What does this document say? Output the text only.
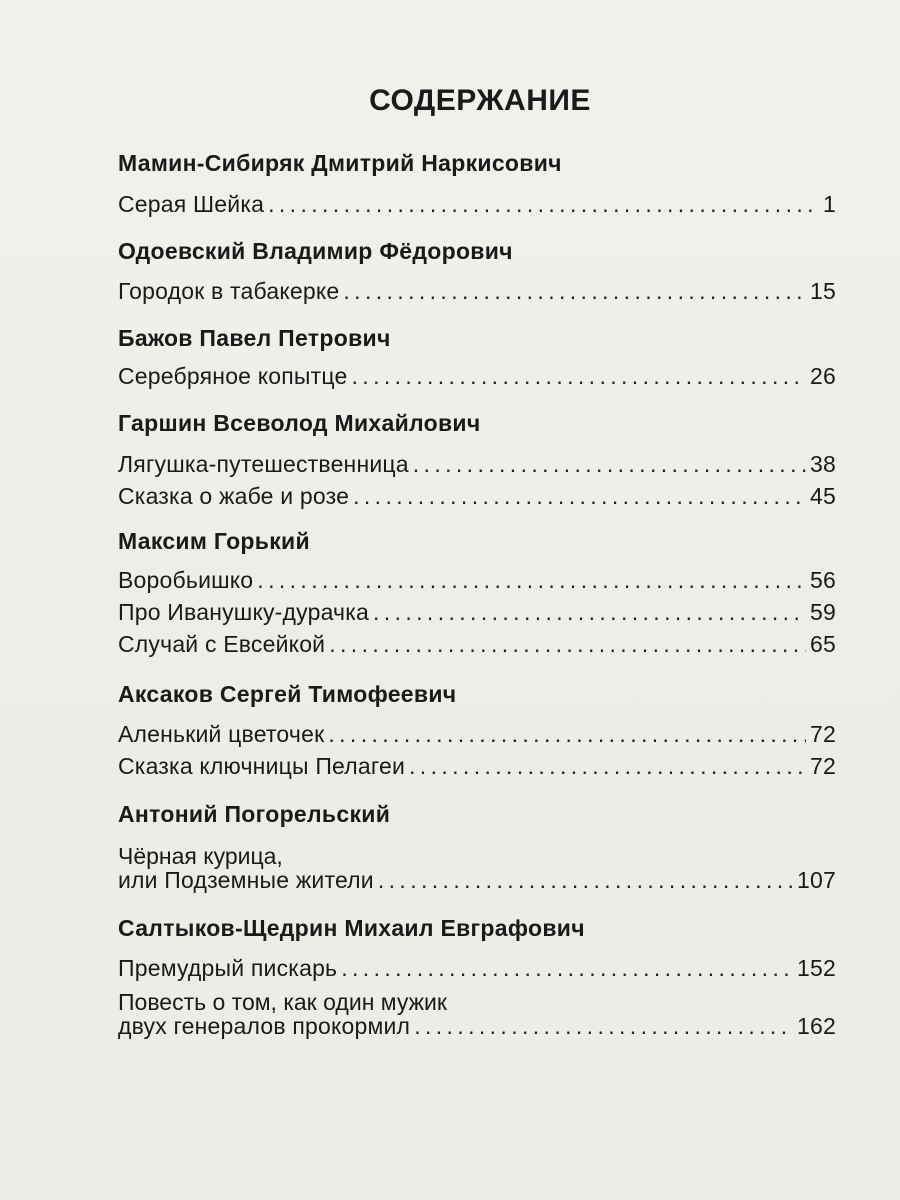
СОДЕРЖАНИЕ
Мамин-Сибиряк Дмитрий Наркисович
Серая Шейка . . .	1
Одоевский Владимир Фёдорович
Городок в табакерке . . .	15
Бажов Павел Петрович
Серебряное копытце . . .	26
Гаршин Всеволод Михайлович
Лягушка-путешественница . . .	38
Сказка о жабе и розе . . .	45
Максим Горький
Воробьишко . . .	56
Про Иванушку-дурачка . . .	59
Случай с Евсейкой . . .	65
Аксаков Сергей Тимофеевич
Аленький цветочек . . .	72
Сказка ключницы Пелагеи . . .	72
Антоний Погорельский
Чёрная курица,
или Подземные жители . . .	107
Салтыков-Щедрин Михаил Евграфович
Премудрый пискарь . . .	152
Повесть о том, как один мужик
двух генералов прокормил . . .	162
